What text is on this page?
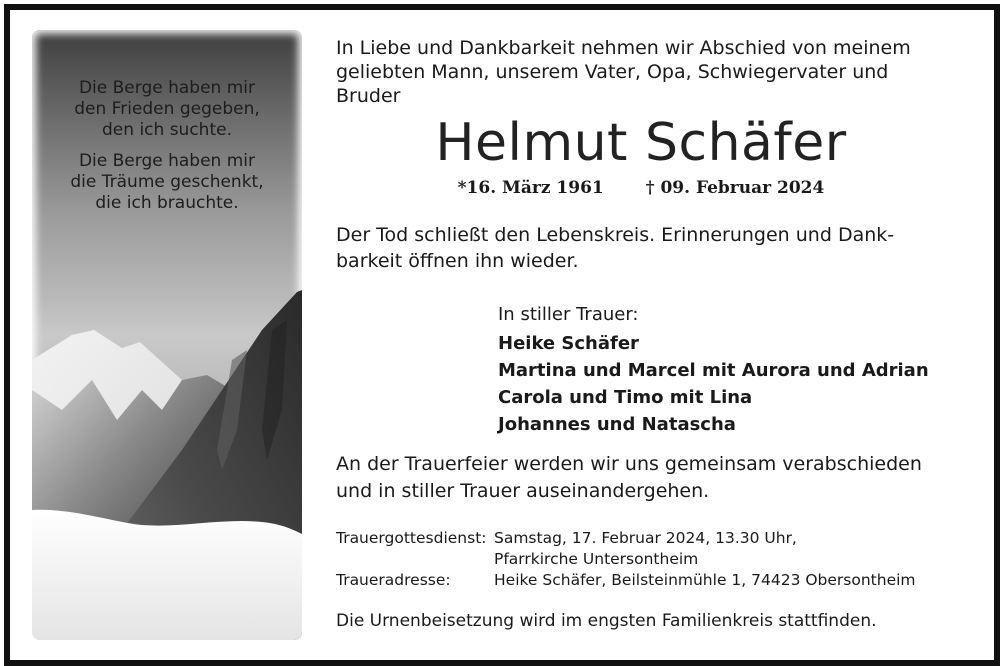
Die Berge haben mir
den Frieden gegeben,
den ich suchte.

Die Berge haben mir
die Träume geschenkt,
die ich brauchte.

In Liebe und Dankbarkeit nehmen wir Abschied von meinem
geliebten Mann, unserem Vater, Opa, Schwiegervater und
Bruder
Helmut Schäfer
*16. März 1961 † 09. Februar 2024
Der Tod schließt den Lebenskreis. Erinnerungen und Dank-
barkeit öffnen ihn wieder.
In stiller Trauer:
Heike Schäfer
Martina und Marcel mit Aurora und Adrian
Carola und Timo mit Lina
Johannes und Natascha
An der Trauerfeier werden wir uns gemeinsam verabschieden
und in stiller Trauer auseinandergehen.
Trauergottesdienst: Samstag, 17. Februar 2024, 13.30 Uhr,
Pfarrkirche Untersontheim
Traueradresse:	Heike Schäfer, Beilsteinmühle 1, 74423 Obersontheim
Die Urnenbeisetzung wird im engsten Familienkreis stattfinden.
